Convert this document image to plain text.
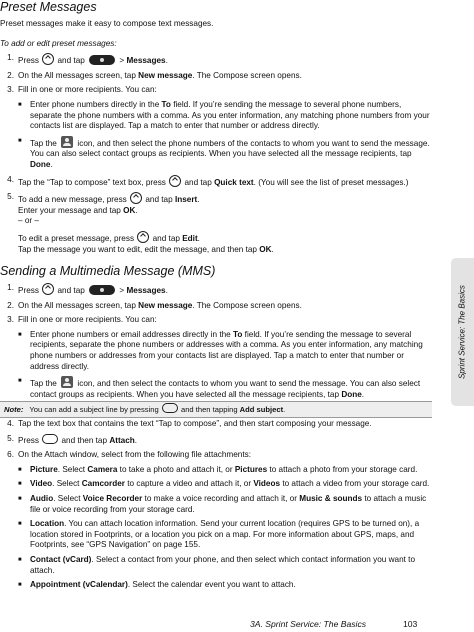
Preset Messages

Preset messages make it easy to compose text messages.

To add or edit preset messages:

1. Press and tap	> Messages.
2. On the All messages screen, tap New message. The Compose screen opens.
3. Fill in one or more recipients. You can:
■	Enter phone numbers directly in the To field. If you’re sending the message to several phone numbers, separate the phone numbers with a comma. As you enter information, any matching phone numbers from your contacts list are displayed. Tap a match to enter that number or address directly.
■	Tap the	icon, and then select the phone numbers of the contacts to whom you want to send the message. You can also select contact groups as recipients. When you have selected all the message recipients, tap Done.
4. Tap the “Tap to compose” text box, press and tap Quick text. (You will see the list of preset messages.)
5. To add a new message, press and tap Insert.
Enter your message and tap OK.
– or –
To edit a preset message, press and tap Edit.
Tap the message you want to edit, edit the message, and then tap OK.
Sending a Multimedia Message (MMS)
1. Press and tap	> Messages.
2. On the All messages screen, tap New message. The Compose screen opens.
3. Fill in one or more recipients. You can:
■	Enter phone numbers or email addresses directly in the To field. If you’re sending the message to several recipients, separate the phone numbers or addresses with a comma. As you enter information, any matching phone numbers or addresses from your contacts list are displayed. Tap a match to enter that number or address directly.
■	Tap the	icon, and then select the contacts to whom you want to send the message. You can also select contact groups as recipients. When you have selected all the message recipients, tap Done.
Note: You can add a subject line by pressing	and then tapping Add subject.
4. Tap the text box that contains the text “Tap to compose”, and then start composing your message.
5. Press	and then tap Attach.
6. On the Attach window, select from the following file attachments:
■	Picture. Select Camera to take a photo and attach it, or Pictures to attach a photo from your storage card.
■	Video. Select Camcorder to capture a video and attach it, or Videos to attach a video from your storage card.
■	Audio. Select Voice Recorder to make a voice recording and attach it, or Music & sounds to attach a music file or voice recording from your storage card.
■	Location. You can attach location information. Send your current location (requires GPS to be turned on), a location stored in Footprints, or a location you pick on a map. For more information about GPS, maps, and Footprints, see “GPS Navigation” on page 155.
■	Contact (vCard). Select a contact from your phone, and then select which contact information you want to attach.
■	Appointment (vCalendar). Select the calendar event you want to attach.
Sprint Service: The Basics
3A. Sprint Service: The Basics	103
